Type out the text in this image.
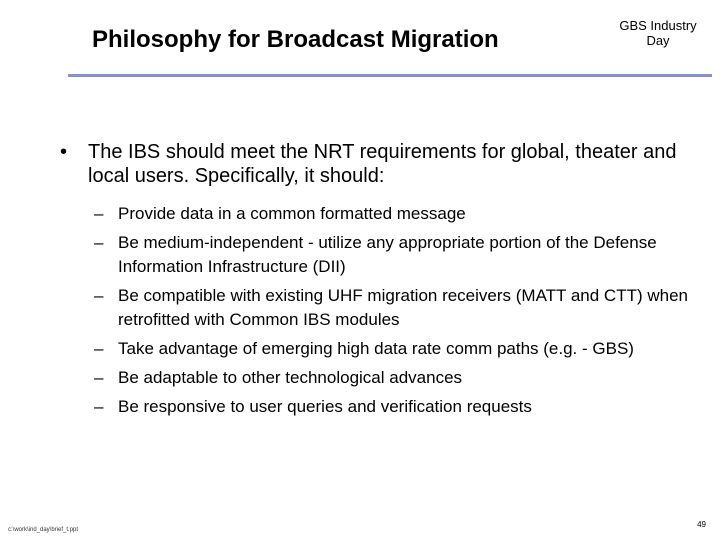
Philosophy for Broadcast Migration
GBS Industry
Day
• The IBS should meet the NRT requirements for global, theater and local users. Specifically, it should:
– Provide data in a common formatted message
– Be medium-independent - utilize any appropriate portion of the Defense Information Infrastructure (DII)
– Be compatible with existing UHF migration receivers (MATT and CTT) when retrofitted with Common IBS modules
– Take advantage of emerging high data rate comm paths (e.g. - GBS)
– Be adaptable to other technological advances
– Be responsive to user queries and verification requests
c:\work\ind_day\brief_t.ppt
49
